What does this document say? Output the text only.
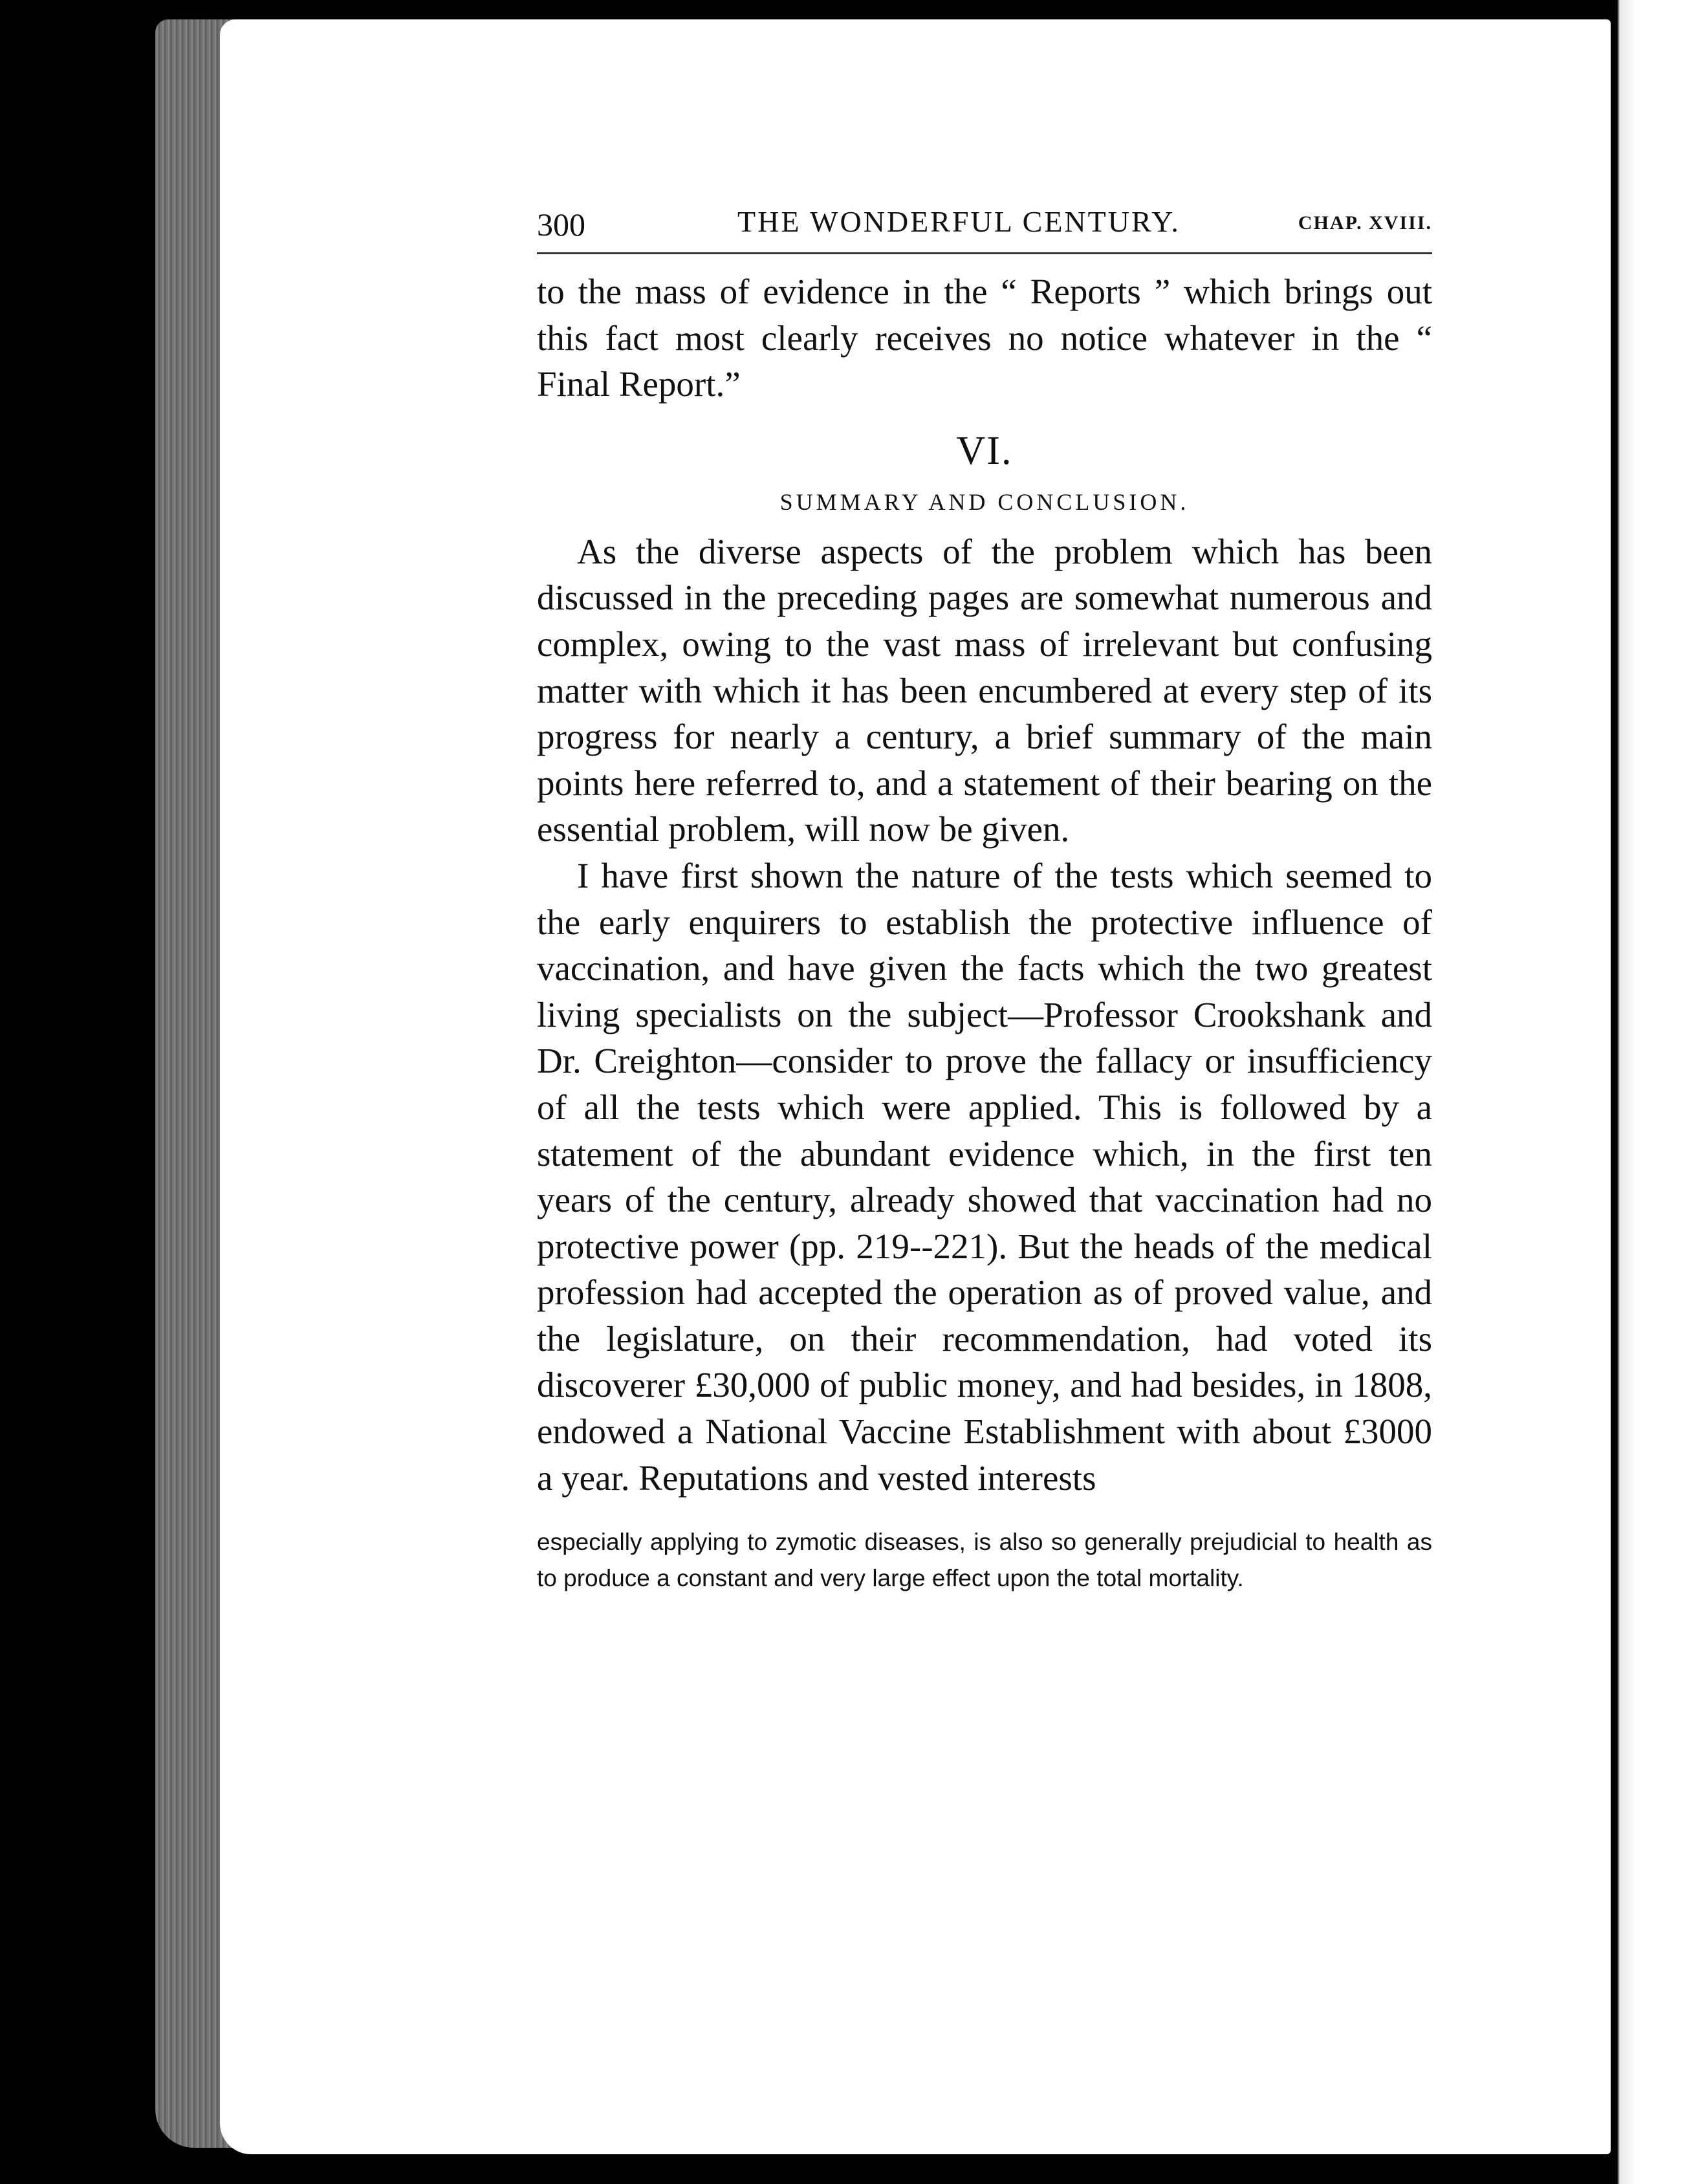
300	THE WONDERFUL CENTURY.	CHAP. XVIII.

to the mass of evidence in the “ Reports ” which brings out this fact most clearly receives no notice whatever in the “ Final Report.”

VI.
SUMMARY AND CONCLUSION.

As the diverse aspects of the problem which has been discussed in the preceding pages are somewhat numerous and complex, owing to the vast mass of irrelevant but confusing matter with which it has been encumbered at every step of its progress for nearly a century, a brief summary of the main points here referred to, and a statement of their bearing on the essential problem, will now be given.

I have first shown the nature of the tests which seemed to the early enquirers to establish the protective influence of vaccination, and have given the facts which the two greatest living specialists on the subject—Professor Crookshank and Dr. Creighton—consider to prove the fallacy or insufficiency of all the tests which were applied. This is followed by a statement of the abundant evidence which, in the first ten years of the century, already showed that vaccination had no protective power (pp. 219--221). But the heads of the medical profession had accepted the operation as of proved value, and the legislature, on their recommendation, had voted its discoverer £30,000 of public money, and had besides, in 1808, endowed a National Vaccine Establishment with about £3000 a year. Reputations and vested interests

especially applying to zymotic diseases, is also so generally prejudicial to health as to produce a constant and very large effect upon the total mortality.
